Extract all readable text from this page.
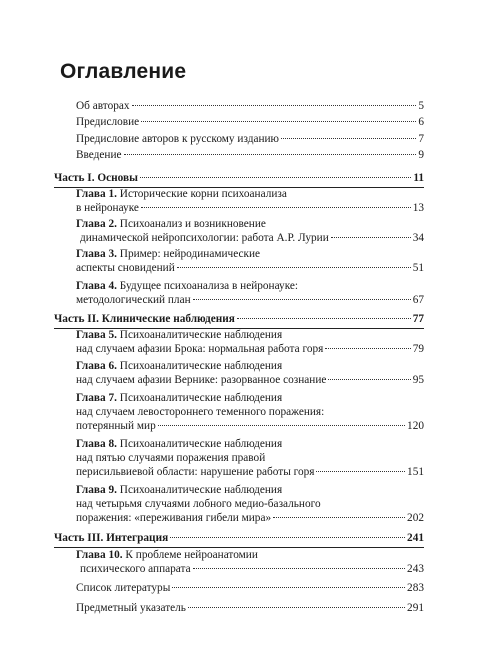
Оглавление
Об авторах	5
Предисловие	6
Предисловие авторов к русскому изданию	7
Введение	9
Часть I. Основы	11
Глава 1. Исторические корни психоанализа
в нейронауке	13
Глава 2. Психоанализ и возникновение
динамической нейропсихологии: работа А.Р. Лурии	34
Глава 3. Пример: нейродинамические
аспекты сновидений	51
Глава 4. Будущее психоанализа в нейронауке:
методологический план	67
Часть II. Клинические наблюдения	77
Глава 5. Психоаналитические наблюдения
над случаем афазии Брока: нормальная работа горя	79
Глава 6. Психоаналитические наблюдения
над случаем афазии Вернике: разорванное сознание	95
Глава 7. Психоаналитические наблюдения
над случаем левостороннего теменного поражения:
потерянный мир	120
Глава 8. Психоаналитические наблюдения
над пятью случаями поражения правой
перисильвиевой области: нарушение работы горя	151
Глава 9. Психоаналитические наблюдения
над четырьмя случаями лобного медио-базального
поражения: «переживания гибели мира»	202
Часть III. Интеграция	241
Глава 10. К проблеме нейроанатомии
психического аппарата	243
Список литературы	283
Предметный указатель	291
